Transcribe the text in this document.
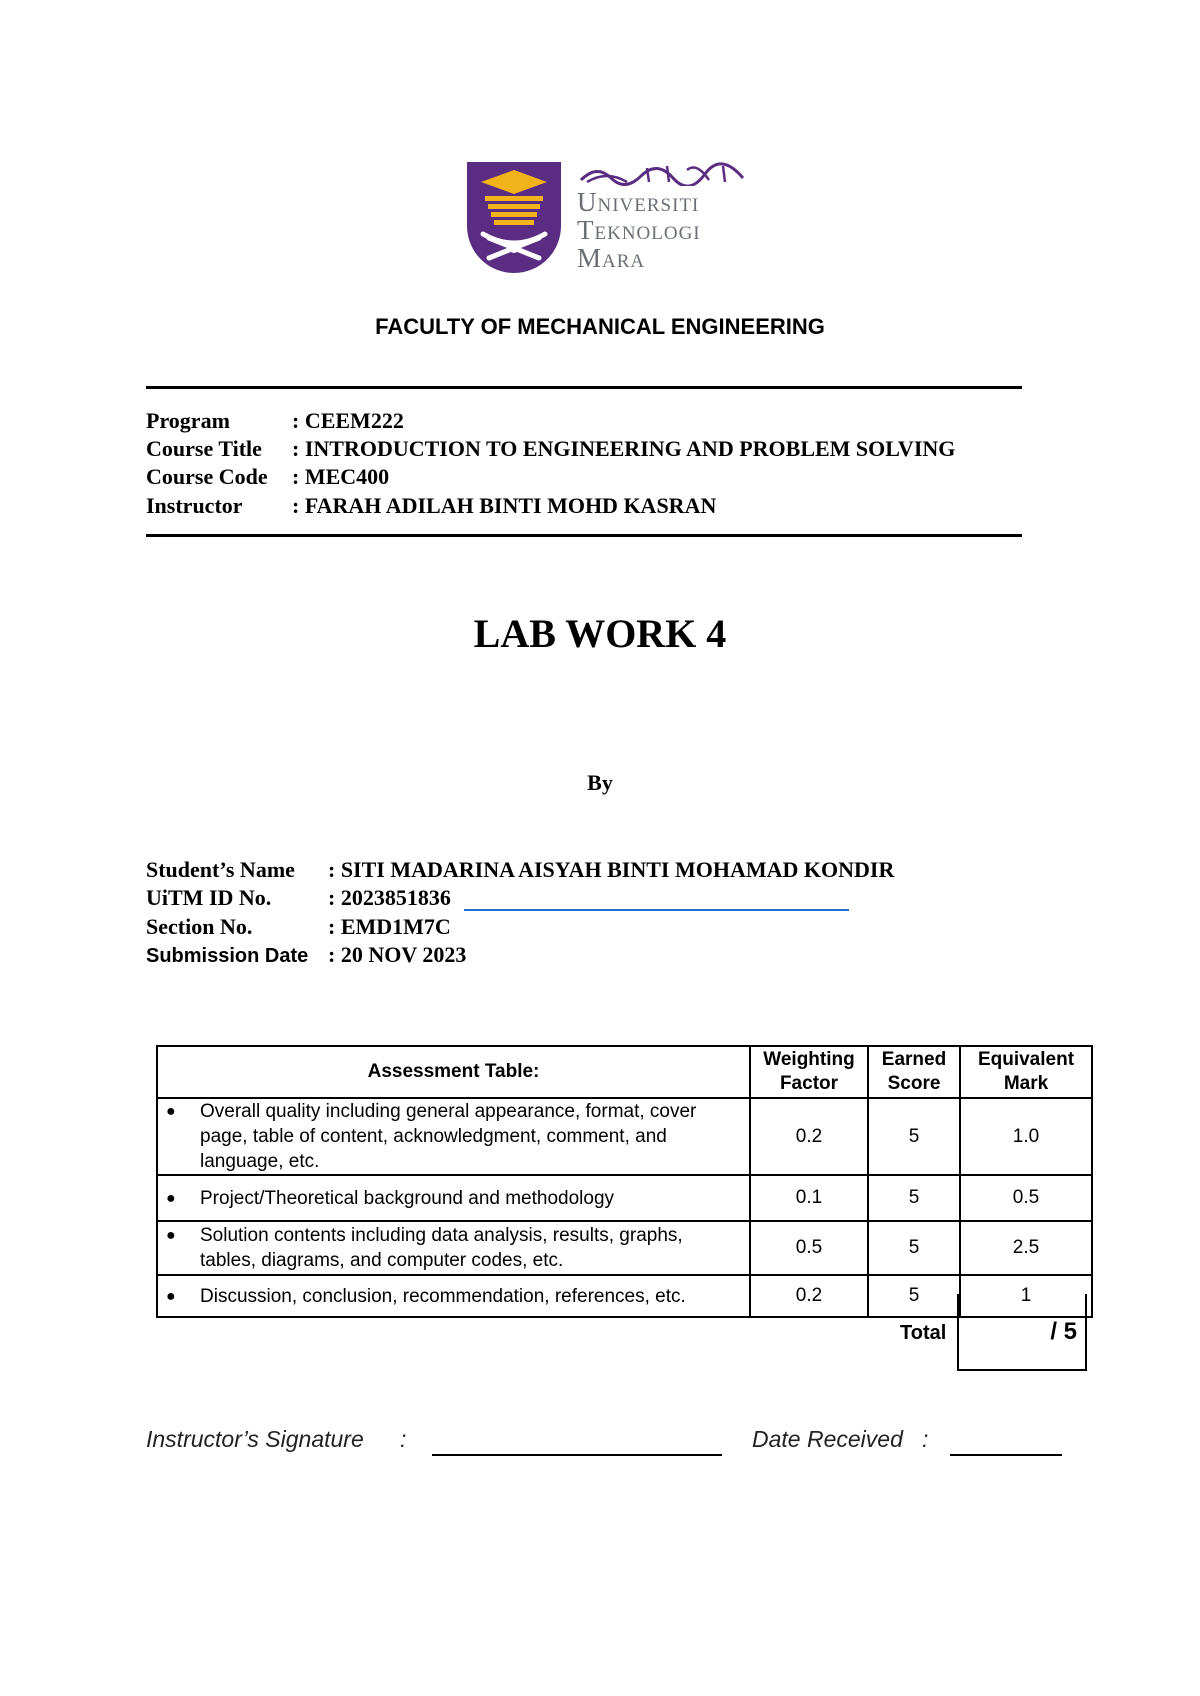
Universiti
Teknologi
Mara
FACULTY OF MECHANICAL ENGINEERING
Program	: CEEM222
Course Title : INTRODUCTION TO ENGINEERING AND PROBLEM SOLVING
Course Code : MEC400
Instructor : FARAH ADILAH BINTI MOHD KASRAN
LAB WORK 4
By
Student’s Name : SITI MADARINA AISYAH BINTI MOHAMAD KONDIR
UiTM ID No.	: 2023851836
Section No.	: EMD1M7C
Submission Date : 20 NOV 2023
Assessment Table:	Weighting Factor	Earned Score	Equivalent Mark

● Overall quality including general appearance, format, cover page, table of content, acknowledgment, comment, and language, etc.	0.2	5	1.0

● Project/Theoretical background and methodology	0.1	5	0.5

● Solution contents including data analysis, results, graphs, tables, diagrams, and computer codes, etc.	0.5	5	2.5

● Discussion, conclusion, recommendation, references, etc.	0.2	5	1
Total	/ 5
Instructor’s Signature :	Date Received :
